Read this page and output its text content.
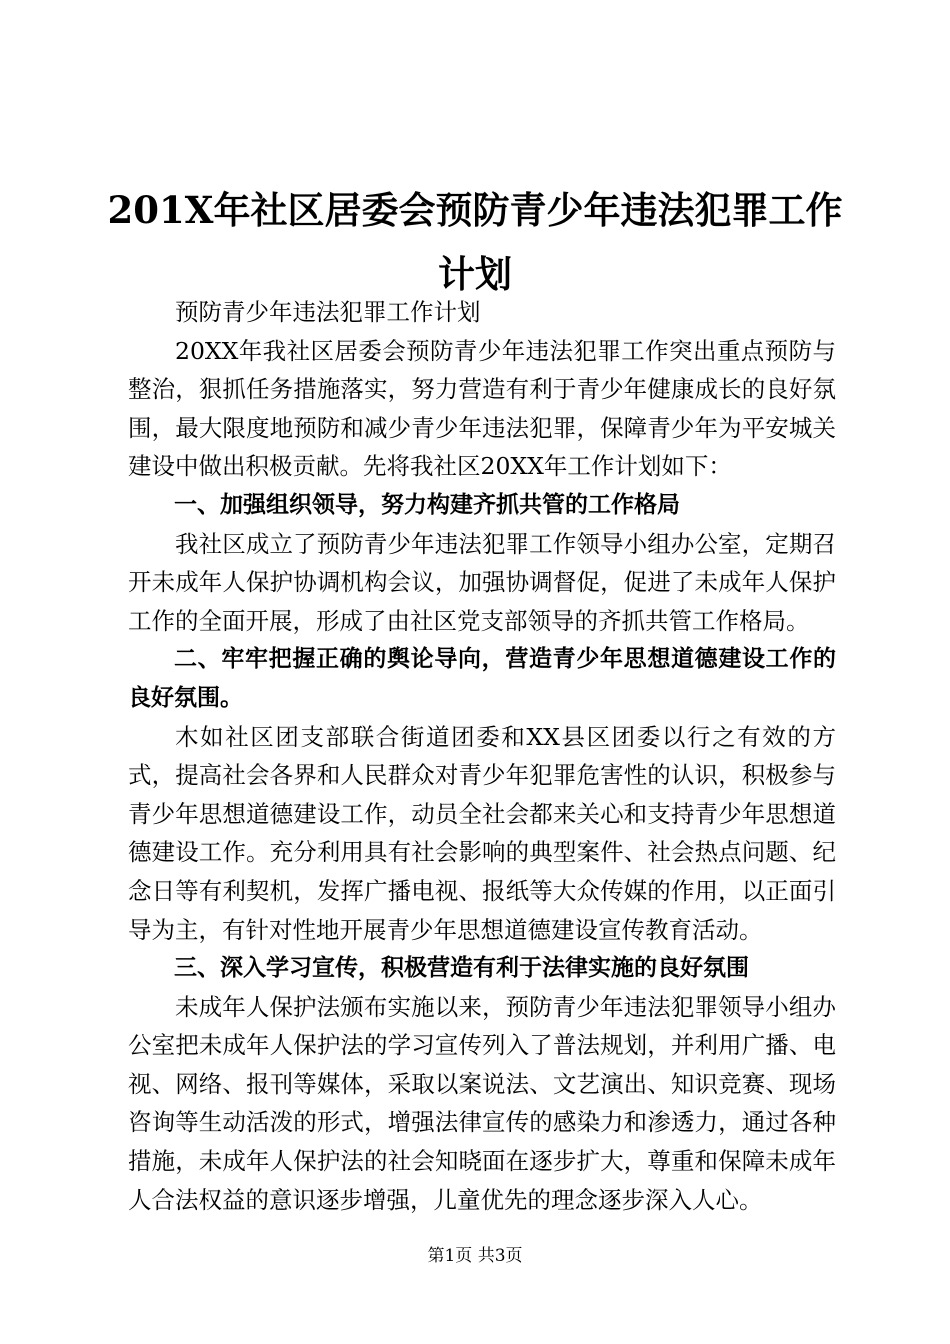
201X年社区居委会预防青少年违法犯罪工作
计划

预防青少年违法犯罪工作计划

20XX年我社区居委会预防青少年违法犯罪工作突出重点预防与整治，狠抓任务措施落实，努力营造有利于青少年健康成长的良好氛围，最大限度地预防和减少青少年违法犯罪，保障青少年为平安城关建设中做出积极贡献。先将我社区20XX年工作计划如下：

一、加强组织领导，努力构建齐抓共管的工作格局

我社区成立了预防青少年违法犯罪工作领导小组办公室，定期召开未成年人保护协调机构会议，加强协调督促，促进了未成年人保护工作的全面开展，形成了由社区党支部领导的齐抓共管工作格局。

二、牢牢把握正确的舆论导向，营造青少年思想道德建设工作的良好氛围。

木如社区团支部联合街道团委和XX县区团委以行之有效的方式，提高社会各界和人民群众对青少年犯罪危害性的认识，积极参与青少年思想道德建设工作，动员全社会都来关心和支持青少年思想道德建设工作。充分利用具有社会影响的典型案件、社会热点问题、纪念日等有利契机，发挥广播电视、报纸等大众传媒的作用，以正面引导为主，有针对性地开展青少年思想道德建设宣传教育活动。

三、深入学习宣传，积极营造有利于法律实施的良好氛围

未成年人保护法颁布实施以来，预防青少年违法犯罪领导小组办公室把未成年人保护法的学习宣传列入了普法规划，并利用广播、电视、网络、报刊等媒体，采取以案说法、文艺演出、知识竞赛、现场咨询等生动活泼的形式，增强法律宣传的感染力和渗透力，通过各种措施，未成年人保护法的社会知晓面在逐步扩大，尊重和保障未成年人合法权益的意识逐步增强，儿童优先的理念逐步深入人心。

第1页 共3页
